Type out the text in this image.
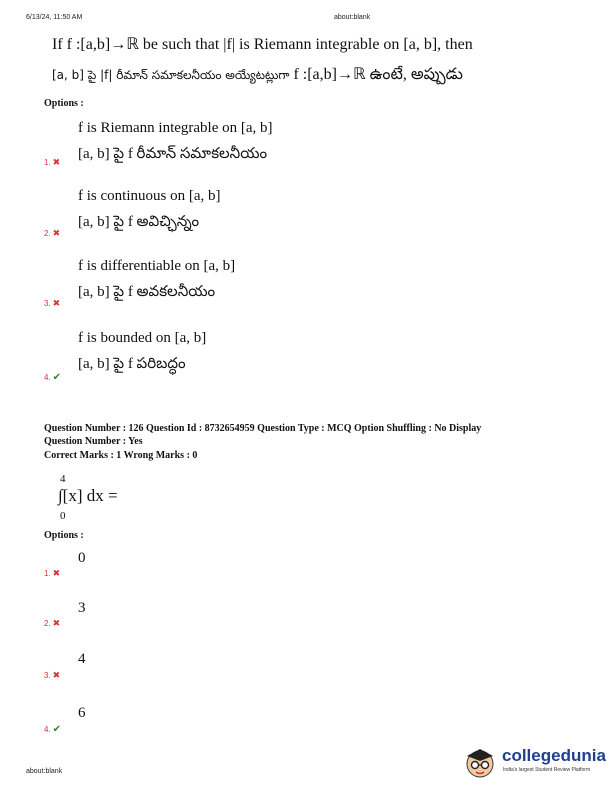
6/13/24, 11:50 AM	about:blank
If f :[a,b]→ℝ be such that |f| is Riemann integrable on [a, b], then
[a, b] పై |f| రీమాన్ సమాకలనీయం అయ్యేటట్లుగా f :[a,b]→ℝ ఉంటే, అప్పుడు
Options :
f is Riemann integrable on [a, b]
[a, b] పై f రీమాన్ సమాకలనీయం
1. ✖
f is continuous on [a, b]
[a, b] పై f అవిచ్ఛిన్నం
2. ✖
f is differentiable on [a, b]
[a, b] పై f అవకలనీయం
3. ✖
f is bounded on [a, b]
[a, b] పై f పరిబద్ధం
4. ✔
Question Number : 126 Question Id : 8732654959 Question Type : MCQ Option Shuffling : No Display
Question Number : Yes
Correct Marks : 1 Wrong Marks : 0
4
∫[x] dx =
0
Options :
0
1. ✖
3
2. ✖
4
3. ✖
6
4. ✔
collegedunia
India's largest Student Review Platform
about:blank
